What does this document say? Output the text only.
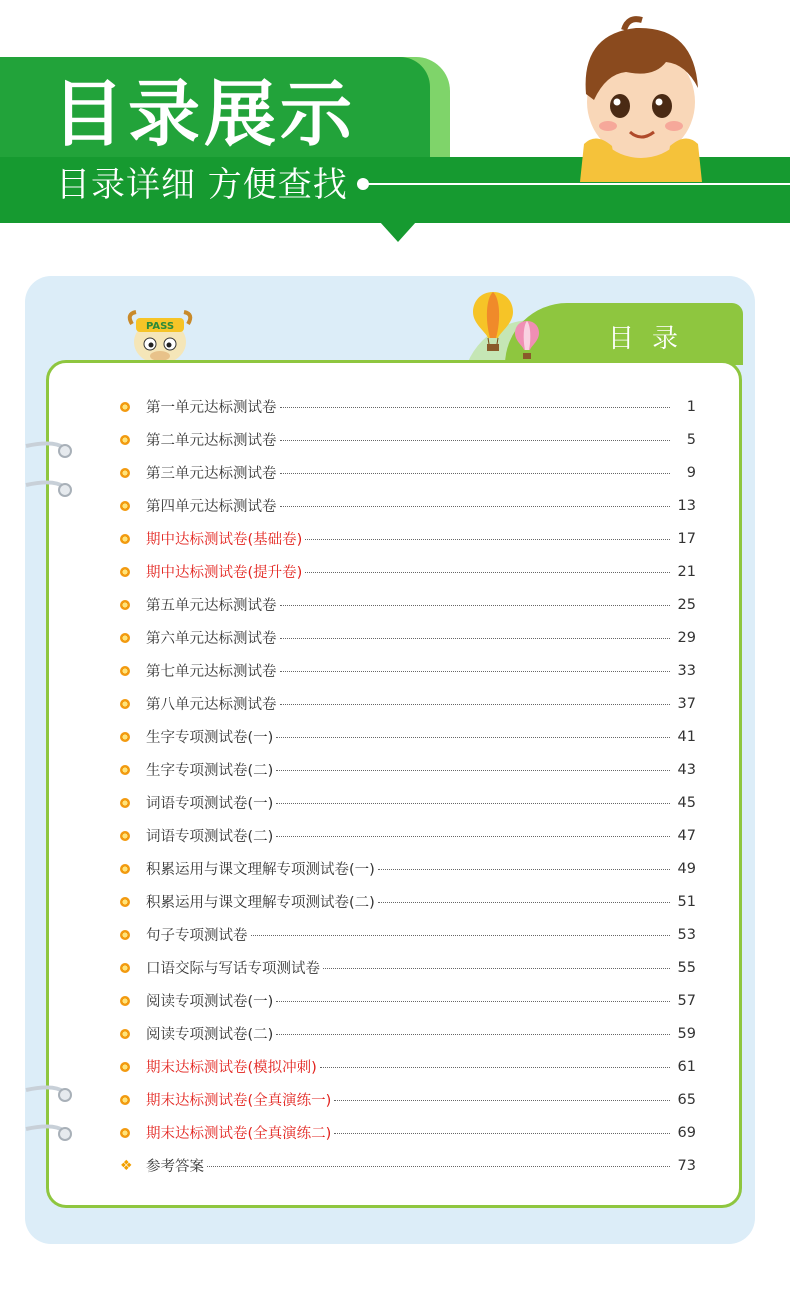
目录展示

目录详细 方便查找

目录

PASS
第一单元达标测试卷	1
第二单元达标测试卷	5
第三单元达标测试卷	9
第四单元达标测试卷	13
期中达标测试卷(基础卷)	17
期中达标测试卷(提升卷)	21
第五单元达标测试卷	25
第六单元达标测试卷	29
第七单元达标测试卷	33
第八单元达标测试卷	37
生字专项测试卷(一)	41
生字专项测试卷(二)	43
词语专项测试卷(一)	45
词语专项测试卷(二)	47
积累运用与课文理解专项测试卷(一)	49
积累运用与课文理解专项测试卷(二)	51
句子专项测试卷	53
口语交际与写话专项测试卷	55
阅读专项测试卷(一)	57
阅读专项测试卷(二)	59
期末达标测试卷(模拟冲刺)	61
期末达标测试卷(全真演练一)	65
期末达标测试卷(全真演练二)	69
❖ 参考答案	73
